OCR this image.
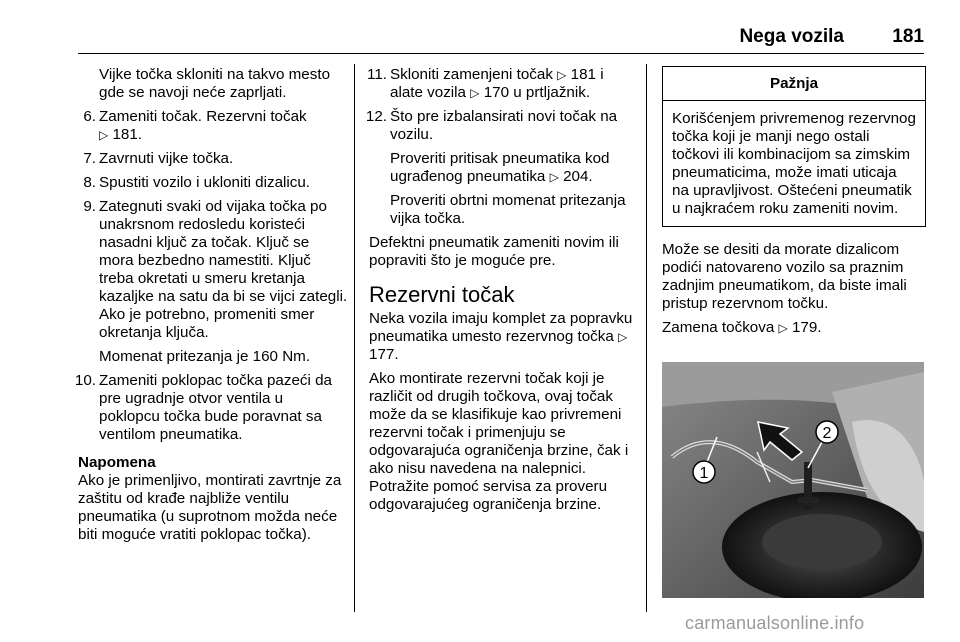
Nega vozila	181

Vijke točka skloniti na takvo mesto gde se navoji neće zaprljati.

6. Zameniti točak. Rezervni točak
▷ 181.
7. Zavrnuti vijke točka.
8. Spustiti vozilo i ukloniti dizalicu.
9. Zategnuti svaki od vijaka točka po unakrsnom redosledu koristeći nasadni ključ za točak. Ključ se mora bezbedno namestiti. Ključ treba okretati u smeru kretanja kazaljke na satu da bi se vijci zategli. Ako je potrebno, promeniti smer okretanja ključa.

Momenat pritezanja je 160 Nm.

10. Zameniti poklopac točka pazeći da pre ugradnje otvor ventila u poklopcu točka bude poravnat sa ventilom pneumatika.
Napomena
Ako je primenljivo, montirati zavrtnje za zaštitu od krađe najbliže ventilu pneumatika (u suprotnom možda neće biti moguće vratiti poklopac točka).
11. Skloniti zamenjeni točak ▷ 181 i alate vozila ▷ 170 u prtljažnik.
12. Što pre izbalansirati novi točak na vozilu.

Proveriti pritisak pneumatika kod ugrađenog pneumatika ▷ 204.

Proveriti obrtni momenat pritezanja vijka točka.

Defektni pneumatik zameniti novim ili popraviti što je moguće pre.

Rezervni točak

Neka vozila imaju komplet za popravku pneumatika umesto rezervnog točka ▷ 177.

Ako montirate rezervni točak koji je različit od drugih točkova, ovaj točak može da se klasifikuje kao privremeni rezervni točak i primenjuju se odgovarajuća ograničenja brzine, čak i ako nisu navedena na nalepnici. Potražite pomoć servisa za proveru odgovarajućeg ograničenja brzine.

Pažnja
Korišćenjem privremenog rezervnog točka koji je manji nego ostali točkovi ili kombinacijom sa zimskim pneumaticima, može imati uticaja na upravljivost. Oštećeni pneumatik u najkraćem roku zameniti novim.

Može se desiti da morate dizalicom podići natovareno vozilo sa praznim zadnjim pneumatikom, da biste imali pristup rezervnom točku.

Zamena točkova ▷ 179.

2
1
carmanualsonline.info
